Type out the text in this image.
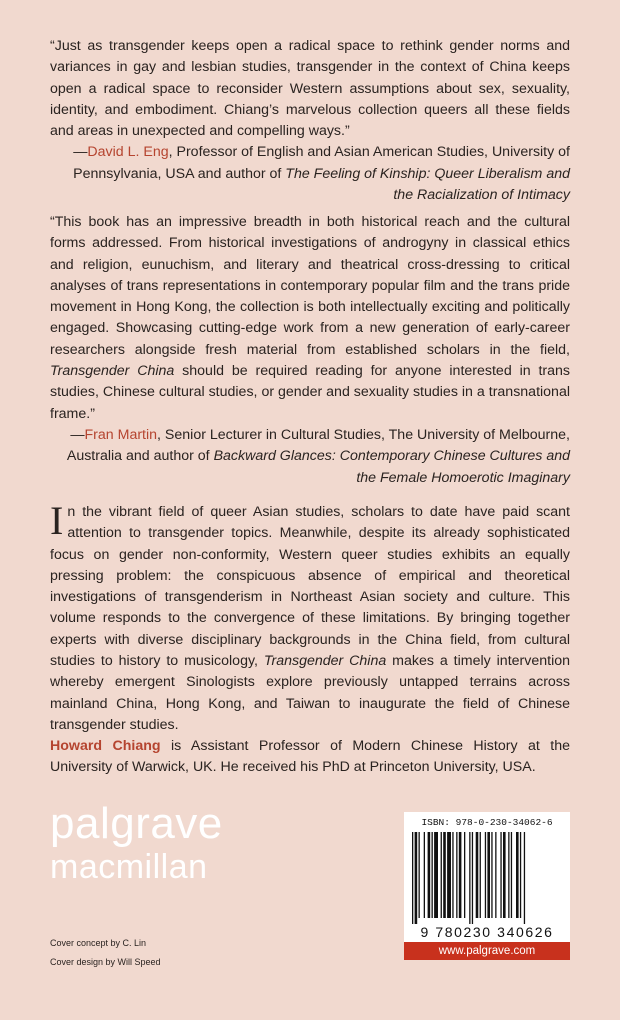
“Just as transgender keeps open a radical space to rethink gender norms and variances in gay and lesbian studies, transgender in the context of China keeps open a radical space to reconsider Western assumptions about sex, sexuality, identity, and embodiment. Chiang’s marvelous collection queers all these fields and areas in unexpected and compelling ways.”

—David L. Eng, Professor of English and Asian American Studies, University of Pennsylvania, USA and author of The Feeling of Kinship: Queer Liberalism and the Racialization of Intimacy

“This book has an impressive breadth in both historical reach and the cultural forms addressed. From historical investigations of androgyny in classical ethics and religion, eunuchism, and literary and theatrical cross-dressing to critical analyses of trans representations in contemporary popular film and the trans pride movement in Hong Kong, the collection is both intellectually exciting and politically engaged. Showcasing cutting-edge work from a new generation of early-career researchers alongside fresh material from established scholars in the field, Transgender China should be required reading for anyone interested in trans studies, Chinese cultural studies, or gender and sexuality studies in a transnational frame.”

—Fran Martin, Senior Lecturer in Cultural Studies, The University of Melbourne, Australia and author of Backward Glances: Contemporary Chinese Cultures and the Female Homoerotic Imaginary

In the vibrant field of queer Asian studies, scholars to date have paid scant attention to transgender topics. Meanwhile, despite its already sophisticated focus on gender non-conformity, Western queer studies exhibits an equally pressing problem: the conspicuous absence of empirical and theoretical investigations of transgenderism in Northeast Asian society and culture. This volume responds to the convergence of these limitations. By bringing together experts with diverse disciplinary backgrounds in the China field, from cultural studies to history to musicology, Transgender China makes a timely intervention whereby emergent Sinologists explore previously untapped terrains across mainland China, Hong Kong, and Taiwan to inaugurate the field of Chinese transgender studies.

Howard Chiang is Assistant Professor of Modern Chinese History at the University of Warwick, UK. He received his PhD at Princeton University, USA.

palgrave
macmillan
Cover concept by C. Lin
Cover design by Will Speed
ISBN: 978-0-230-34062-6
9 780230 340626
www.palgrave.com
